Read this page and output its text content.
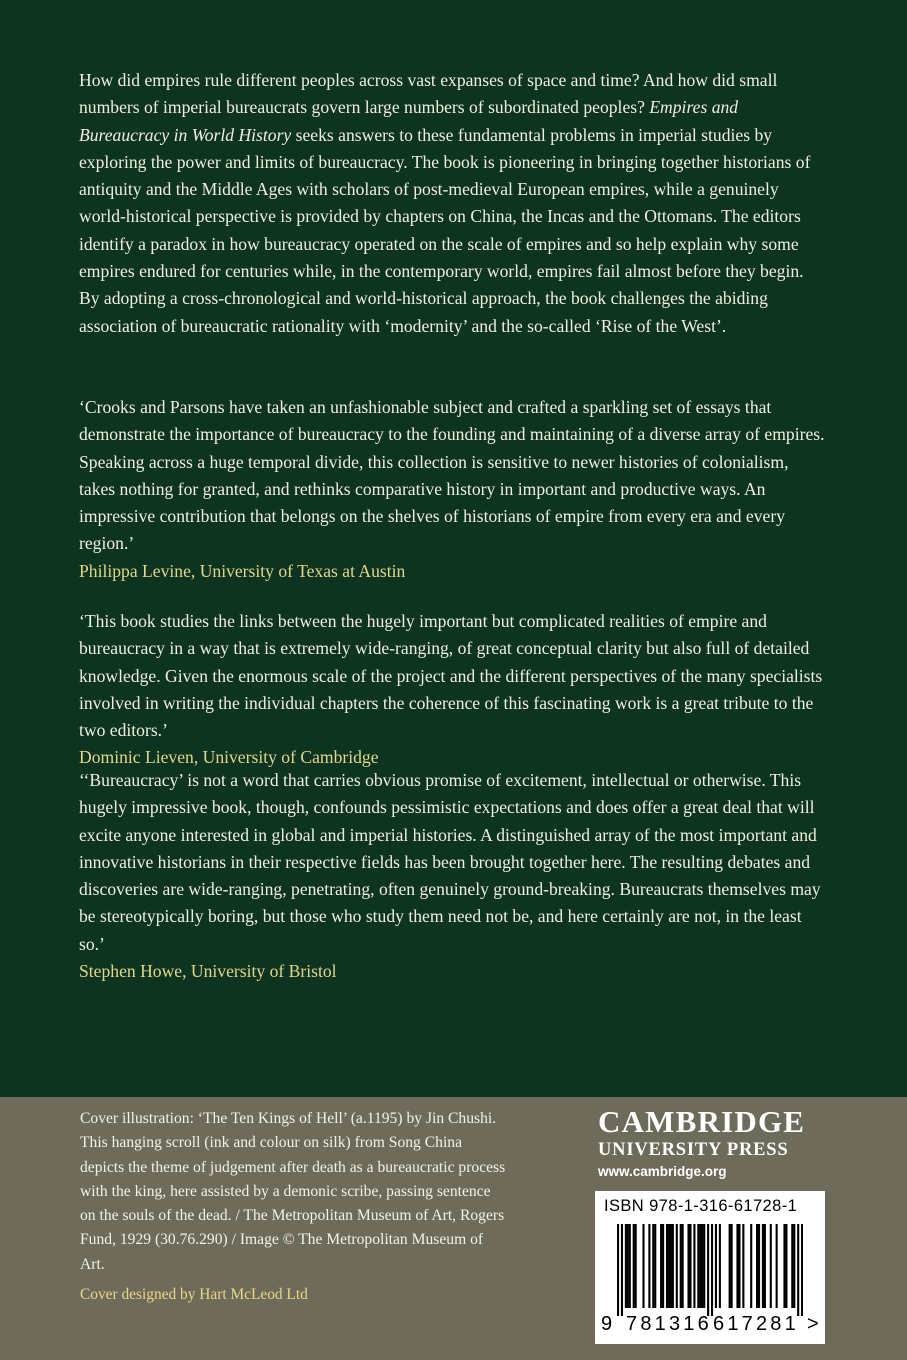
How did empires rule different peoples across vast expanses of space and time? And how did small numbers of imperial bureaucrats govern large numbers of subordinated peoples? Empires and Bureaucracy in World History seeks answers to these fundamental problems in imperial studies by exploring the power and limits of bureaucracy. The book is pioneering in bringing together historians of antiquity and the Middle Ages with scholars of post-medieval European empires, while a genuinely world-historical perspective is provided by chapters on China, the Incas and the Ottomans. The editors identify a paradox in how bureaucracy operated on the scale of empires and so help explain why some empires endured for centuries while, in the contemporary world, empires fail almost before they begin. By adopting a cross-chronological and world-historical approach, the book challenges the abiding association of bureaucratic rationality with ‘modernity’ and the so-called ‘Rise of the West’.

‘Crooks and Parsons have taken an unfashionable subject and crafted a sparkling set of essays that demonstrate the importance of bureaucracy to the founding and maintaining of a diverse array of empires. Speaking across a huge temporal divide, this collection is sensitive to newer histories of colonialism, takes nothing for granted, and rethinks comparative history in important and productive ways. An impressive contribution that belongs on the shelves of historians of empire from every era and every region.’
Philippa Levine, University of Texas at Austin

‘This book studies the links between the hugely important but complicated realities of empire and bureaucracy in a way that is extremely wide-ranging, of great conceptual clarity but also full of detailed knowledge. Given the enormous scale of the project and the different perspectives of the many specialists involved in writing the individual chapters the coherence of this fascinating work is a great tribute to the two editors.’
Dominic Lieven, University of Cambridge

‘‘Bureaucracy’ is not a word that carries obvious promise of excitement, intellectual or otherwise. This hugely impressive book, though, confounds pessimistic expectations and does offer a great deal that will excite anyone interested in global and imperial histories. A distinguished array of the most important and innovative historians in their respective fields has been brought together here. The resulting debates and discoveries are wide-ranging, penetrating, often genuinely ground-breaking. Bureaucrats themselves may be stereotypically boring, but those who study them need not be, and here certainly are not, in the least so.’
Stephen Howe, University of Bristol

Cover illustration: ‘The Ten Kings of Hell’ (a.1195) by Jin Chushi. This hanging scroll (ink and colour on silk) from Song China depicts the theme of judgement after death as a bureaucratic process with the king, here assisted by a demonic scribe, passing sentence on the souls of the dead. / The Metropolitan Museum of Art, Rogers Fund, 1929 (30.76.290) / Image © The Metropolitan Museum of Art.

Cover designed by Hart McLeod Ltd

CAMBRIDGE
UNIVERSITY PRESS
www.cambridge.org
ISBN 978-1-316-61728-1
9 781316 617281 >
